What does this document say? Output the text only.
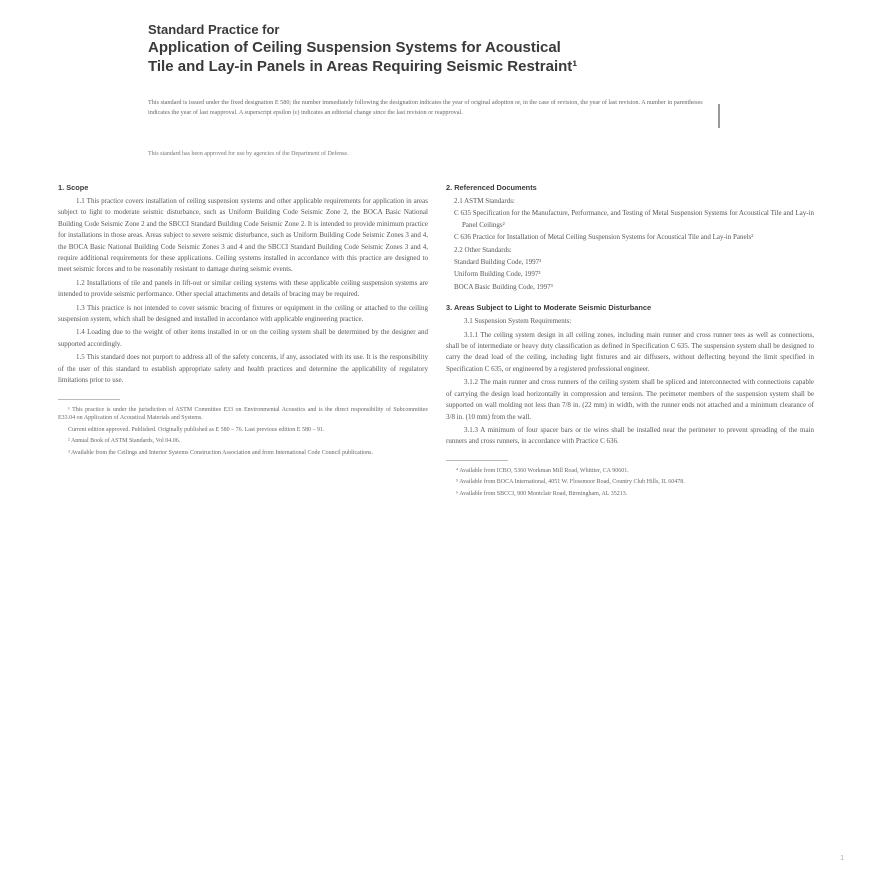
Standard Practice for
Application of Ceiling Suspension Systems for Acoustical
Tile and Lay-in Panels in Areas Requiring Seismic Restraint¹
This standard is issued under the fixed designation E 580; the number immediately following the designation indicates the year of original adoption or, in the case of revision, the year of last revision. A number in parentheses indicates the year of last reapproval. A superscript epsilon (ε) indicates an editorial change since the last revision or reapproval.
This standard has been approved for use by agencies of the Department of Defense.
1. Scope

1.1 This practice covers installation of ceiling suspension systems and other applicable requirements for application in areas subject to light to moderate seismic disturbance, such as Uniform Building Code Seismic Zone 2, the BOCA Basic National Building Code Seismic Zone 2 and the SBCCI Standard Building Code Seismic Zone 2. It is intended to provide minimum practice for installations in those areas. Areas subject to severe seismic disturbance, such as Uniform Building Code Seismic Zones 3 and 4, the BOCA Basic National Building Code Seismic Zones 3 and 4 and the SBCCI Standard Building Code Seismic Zones 3 and 4, require additional requirements for these applications. Ceiling systems installed in accordance with this practice are designed to meet seismic forces and to be reasonably resistant to damage during seismic events.

1.2 Installations of tile and panels in lift-out or similar ceiling systems with these applicable ceiling suspension systems are intended to provide seismic performance. Other special attachments and details of bracing may be required.

1.3 This practice is not intended to cover seismic bracing of fixtures or equipment in the ceiling or attached to the ceiling suspension system, which shall be designed and installed in accordance with applicable engineering practice.

1.4 Loading due to the weight of other items installed in or on the ceiling system shall be determined by the designer and supported accordingly.

1.5 This standard does not purport to address all of the safety concerns, if any, associated with its use. It is the responsibility of the user of this standard to establish appropriate safety and health practices and determine the applicability of regulatory limitations prior to use.

¹ This practice is under the jurisdiction of ASTM Committee E33 on Environmental Acoustics and is the direct responsibility of Subcommittee E33.04 on Application of Acoustical Materials and Systems.

Current edition approved. Published. Originally published as E 580 – 76. Last previous edition E 580 – 91.

² Annual Book of ASTM Standards, Vol 04.06.

³ Available from the Ceilings and Interior Systems Construction Association and from International Code Council publications.

2. Referenced Documents

2.1 ASTM Standards:

C 635 Specification for the Manufacture, Performance, and Testing of Metal Suspension Systems for Acoustical Tile and Lay-in Panel Ceilings²

C 636 Practice for Installation of Metal Ceiling Suspension Systems for Acoustical Tile and Lay-in Panels²

2.2 Other Standards:

Standard Building Code, 1997³

Uniform Building Code, 1997³

BOCA Basic Building Code, 1997³

3. Areas Subject to Light to Moderate Seismic Disturbance

3.1 Suspension System Requirements:

3.1.1 The ceiling system design in all ceiling zones, including main runner and cross runner tees as well as connections, shall be of intermediate or heavy duty classification as defined in Specification C 635. The suspension system shall be designed to carry the dead load of the ceiling, including light fixtures and air diffusers, without deflecting beyond the limit specified in Specification C 635, or engineered by a registered professional engineer.

3.1.2 The main runner and cross runners of the ceiling system shall be spliced and interconnected with connections capable of carrying the design load horizontally in compression and tension. The perimeter members of the suspension system shall be supported on wall molding not less than 7/8 in. (22 mm) in width, with the runner ends not attached and a minimum clearance of 3/8 in. (10 mm) from the wall.

3.1.3 A minimum of four spacer bars or tie wires shall be installed near the perimeter to prevent spreading of the main runners and cross runners, in accordance with Practice C 636.

⁴ Available from ICBO, 5360 Workman Mill Road, Whittier, CA 90601.

⁵ Available from BOCA International, 4051 W. Flossmoor Road, Country Club Hills, IL 60478.

⁶ Available from SBCCI, 900 Montclair Road, Birmingham, AL 35213.

1
